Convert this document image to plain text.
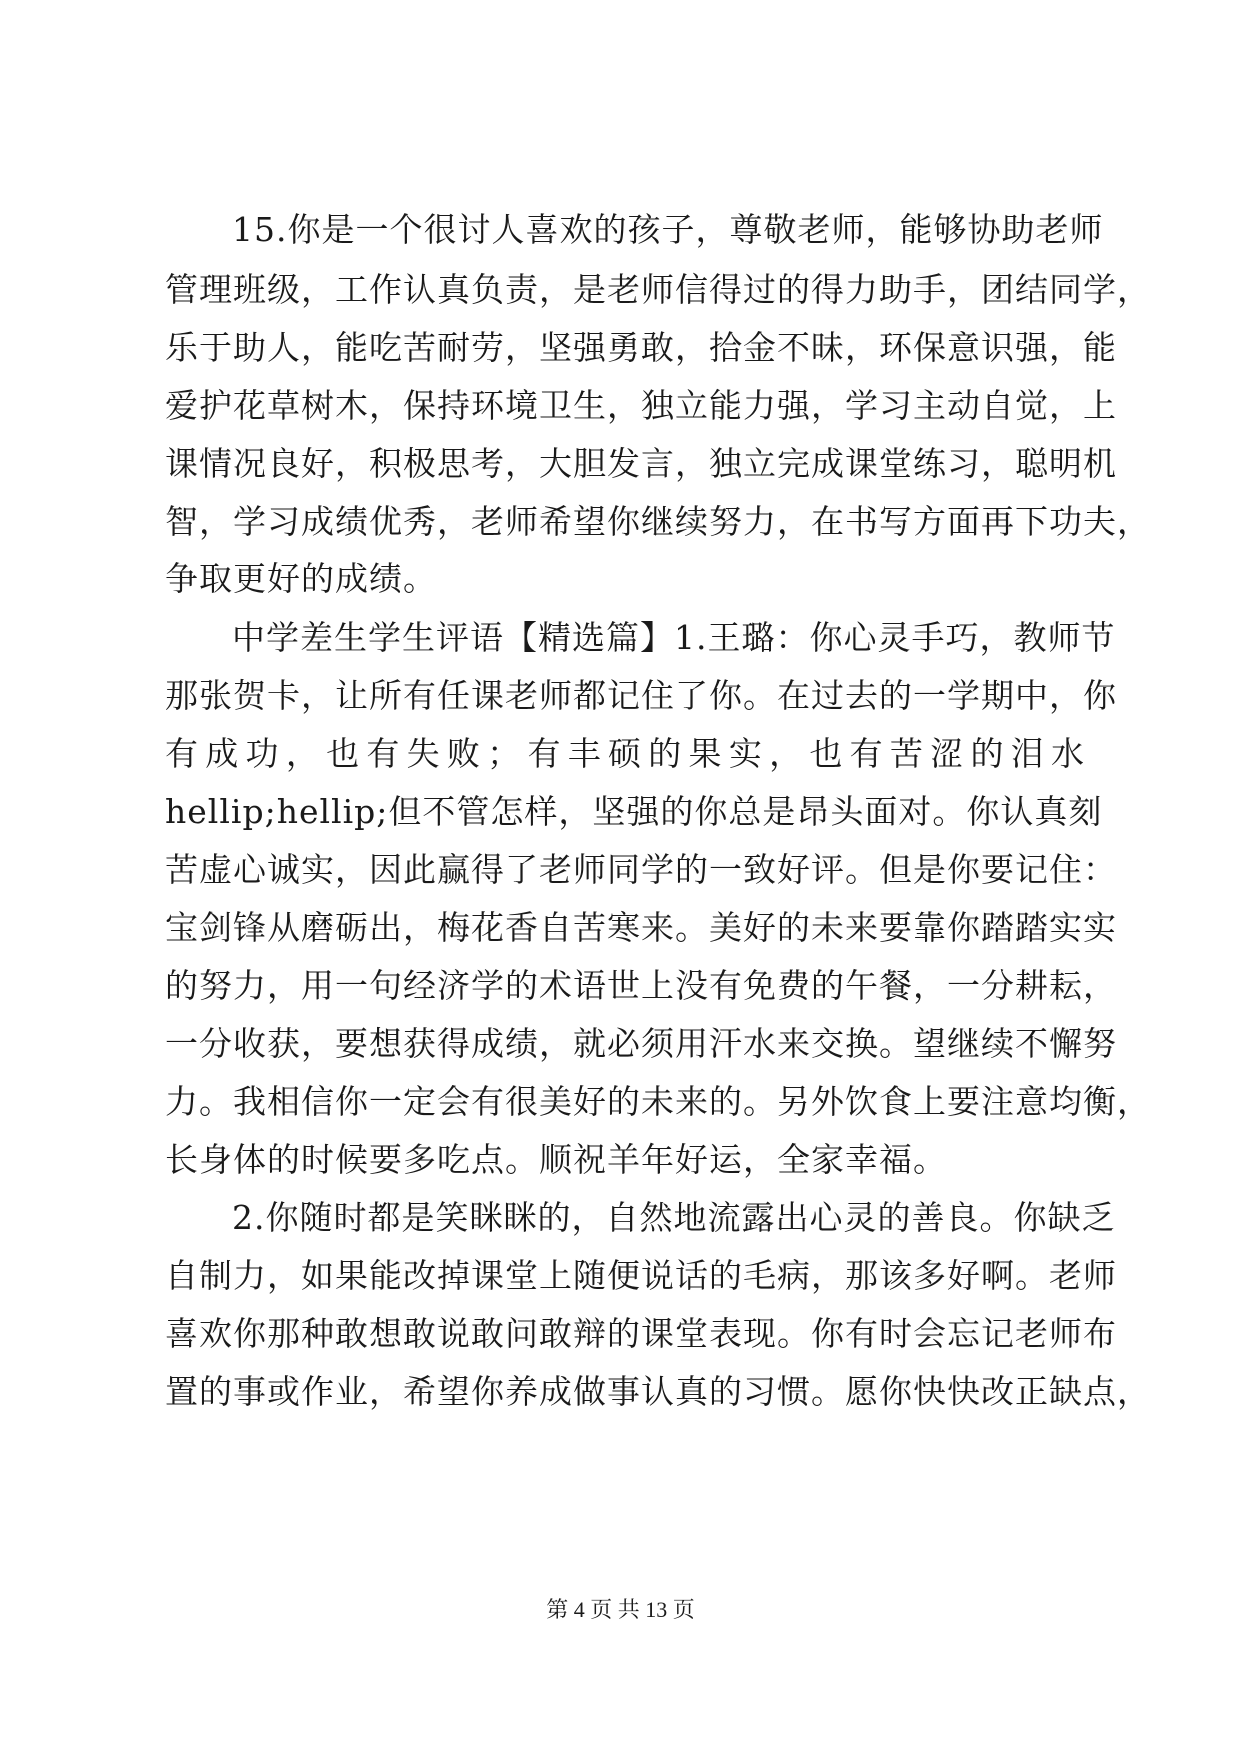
15.你是一个很讨人喜欢的孩子，尊敬老师，能够协助老师
管理班级，工作认真负责，是老师信得过的得力助手，团结同学，
乐于助人，能吃苦耐劳，坚强勇敢，拾金不昧，环保意识强，能
爱护花草树木，保持环境卫生，独立能力强，学习主动自觉，上
课情况良好，积极思考，大胆发言，独立完成课堂练习，聪明机
智，学习成绩优秀，老师希望你继续努力，在书写方面再下功夫，
争取更好的成绩。
中学差生学生评语【精选篇】1.王璐：你心灵手巧，教师节
那张贺卡，让所有任课老师都记住了你。在过去的一学期中，你
有成功，也有失败；有丰硕的果实，也有苦涩的泪水
hellip;hellip;但不管怎样，坚强的你总是昂头面对。你认真刻
苦虚心诚实，因此赢得了老师同学的一致好评。但是你要记住：
宝剑锋从磨砺出，梅花香自苦寒来。美好的未来要靠你踏踏实实
的努力，用一句经济学的术语世上没有免费的午餐，一分耕耘，
一分收获，要想获得成绩，就必须用汗水来交换。望继续不懈努
力。我相信你一定会有很美好的未来的。另外饮食上要注意均衡，
长身体的时候要多吃点。顺祝羊年好运，全家幸福。
2.你随时都是笑眯眯的，自然地流露出心灵的善良。你缺乏
自制力，如果能改掉课堂上随便说话的毛病，那该多好啊。老师
喜欢你那种敢想敢说敢问敢辩的课堂表现。你有时会忘记老师布
置的事或作业，希望你养成做事认真的习惯。愿你快快改正缺点，
第 4 页 共 13 页
